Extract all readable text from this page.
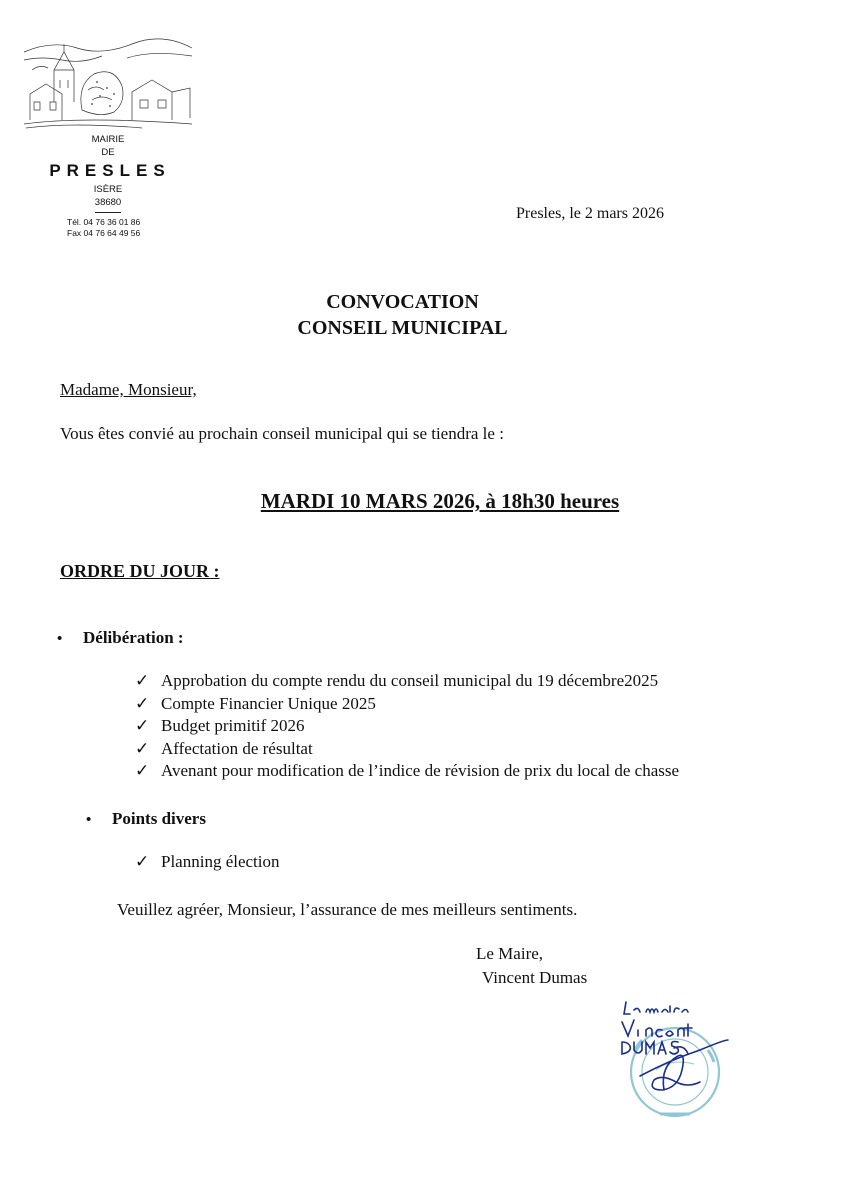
MAIRIE
DE
PRESLES
ISÈRE
38680
Tél. 04 76 36 01 86
Fax 04 76 64 49 56
Presles, le 2 mars 2026
CONVOCATION
CONSEIL MUNICIPAL
Madame, Monsieur,
Vous êtes convié au prochain conseil municipal qui se tiendra le :
MARDI 10 MARS 2026, à 18h30 heures
ORDRE DU JOUR :
• Délibération :
✓ Approbation du compte rendu du conseil municipal du 19 décembre2025
✓ Compte Financier Unique 2025
✓ Budget primitif 2026
✓ Affectation de résultat
✓ Avenant pour modification de l’indice de révision de prix du local de chasse
• Points divers
✓ Planning élection
Veuillez agréer, Monsieur, l’assurance de mes meilleurs sentiments.
Le Maire,
Vincent Dumas
